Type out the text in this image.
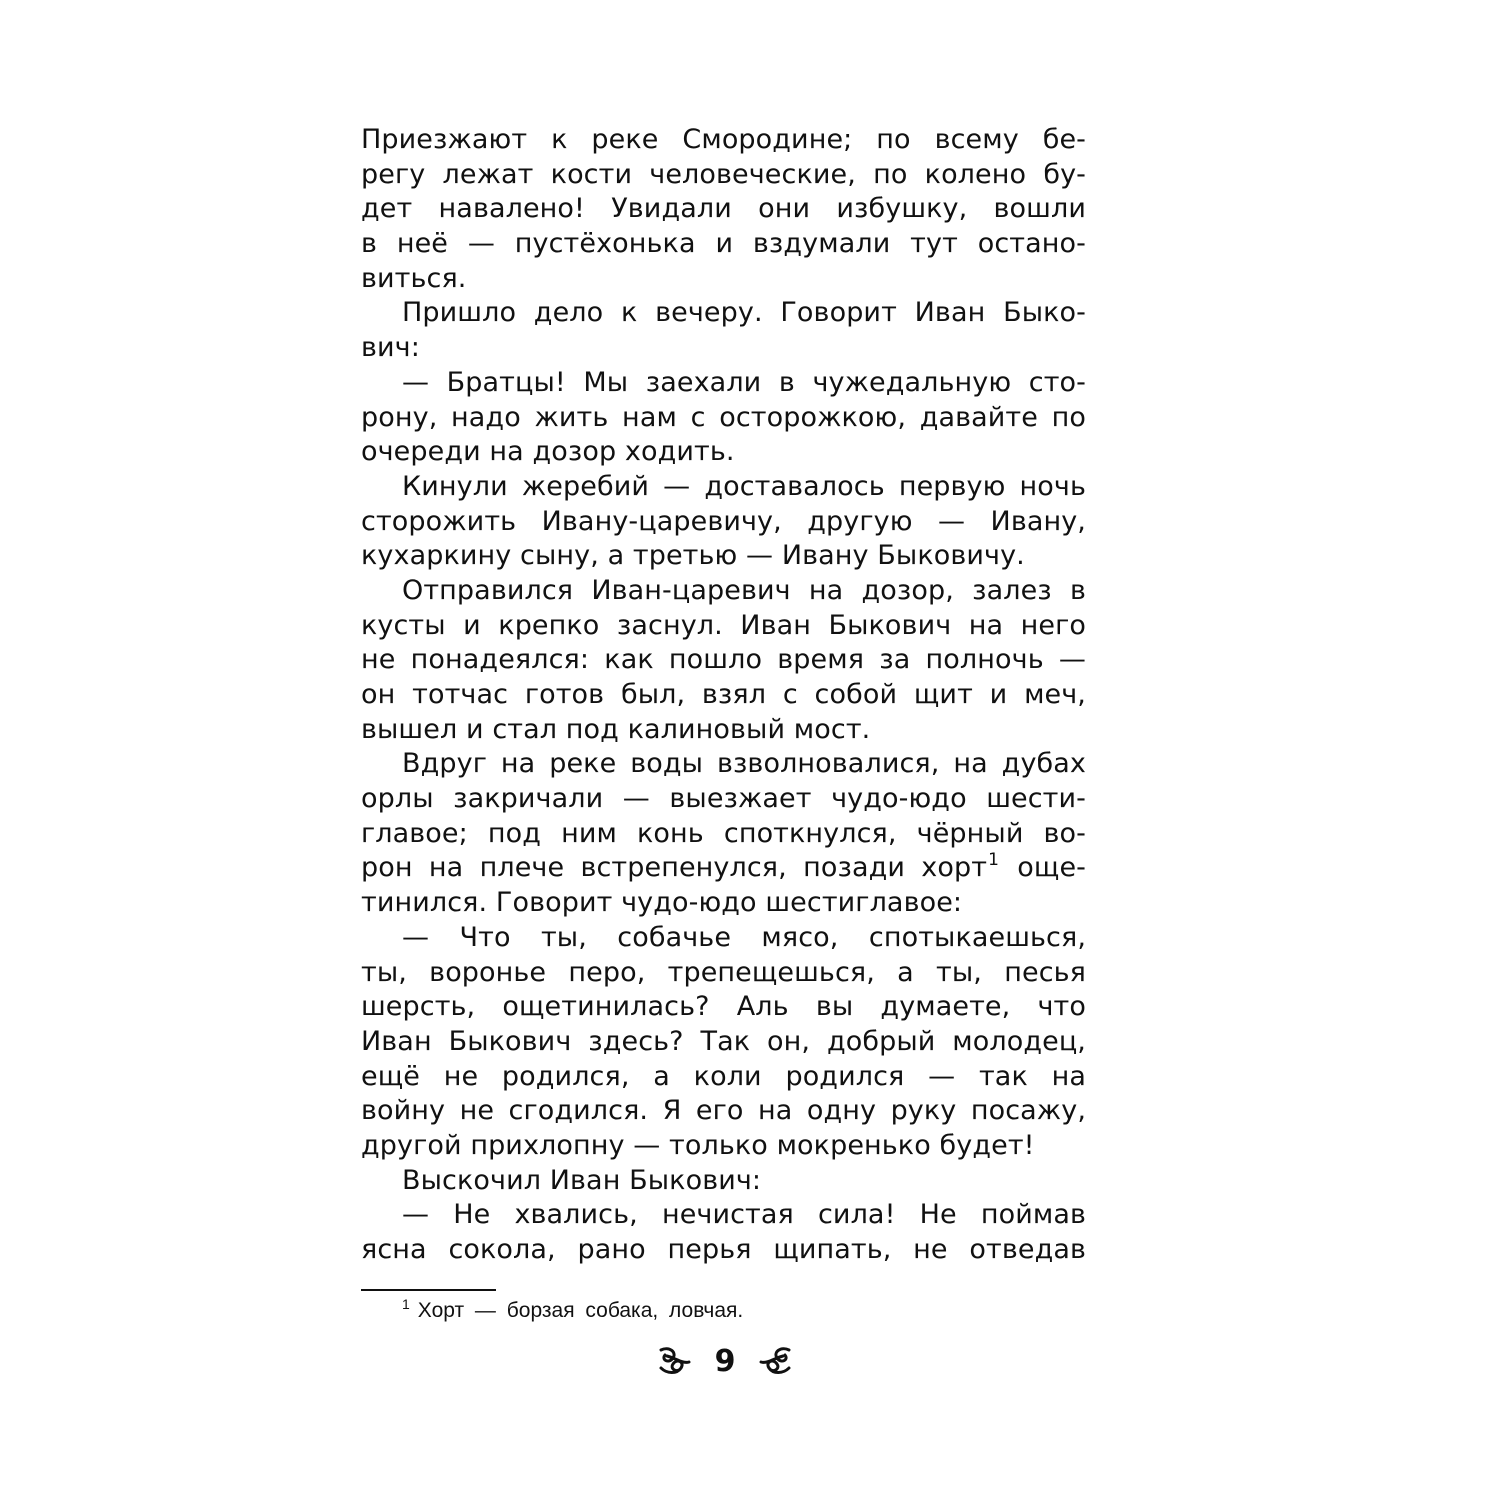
Приезжают к реке Смородине; по всему бе-
регу лежат кости человеческие, по колено бу-
дет навалено! Увидали они избушку, вошли
в неё — пустёхонька и вздумали тут остано-
виться.
Пришло дело к вечеру. Говорит Иван Быко-
вич:
— Братцы! Мы заехали в чужедальную сто-
рону, надо жить нам с осторожкою, давайте по
очереди на дозор ходить.
Кинули жеребий — доставалось первую ночь
сторожить Ивану-царевичу, другую — Ивану,
кухаркину сыну, а третью — Ивану Быковичу.
Отправился Иван-царевич на дозор, залез в
кусты и крепко заснул. Иван Быкович на него
не понадеялся: как пошло время за полночь —
он тотчас готов был, взял с собой щит и меч,
вышел и стал под калиновый мост.
Вдруг на реке воды взволновалися, на дубах
орлы закричали — выезжает чудо-юдо шести-
главое; под ним конь споткнулся, чёрный во-
рон на плече встрепенулся, позади хорт$^1$ още-
тинился. Говорит чудо-юдо шестиглавое:
— Что ты, собачье мясо, спотыкаешься,
ты, воронье перо, трепещешься, а ты, песья
шерсть, ощетинилась? Аль вы думаете, что
Иван Быкович здесь? Так он, добрый молодец,
ещё не родился, а коли родился — так на
войну не сгодился. Я его на одну руку посажу,
другой прихлопну — только мокренько будет!
Выскочил Иван Быкович:
— Не хвались, нечистая сила! Не поймав
ясна сокола, рано перья щипать, не отведав
$^1$ Хорт — борзая собака, ловчая.
9
